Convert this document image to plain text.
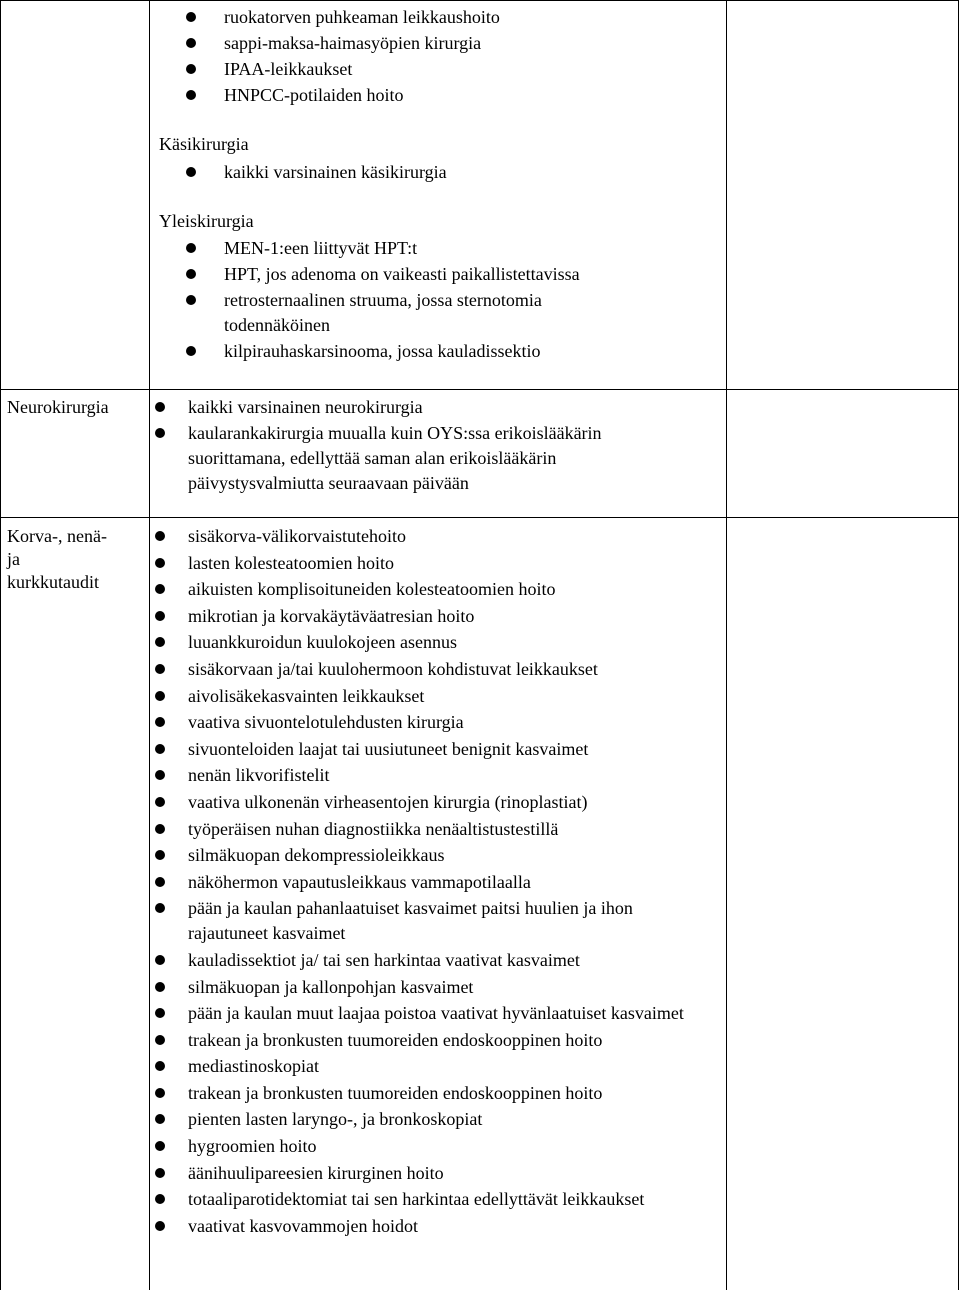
ruokatorven puhkeaman leikkaushoito
sappi-maksa-haimasyöpien kirurgia
IPAA-leikkaukset
HNPCC-potilaiden hoito
Käsikirurgia
kaikki varsinainen käsikirurgia
Yleiskirurgia
MEN-1:een liittyvät HPT:t
HPT, jos adenoma on vaikeasti paikallistettavissa
retrosternaalinen struuma, jossa sternotomia todennäköinen
kilpirauhaskarsinooma, jossa kauladissektio
Neurokirurgia	kaikki varsinainen neurokirurgia
kaularankakirurgia muualla kuin OYS:ssa erikoislääkärin suorittamana, edellyttää saman alan erikoislääkärin päivystysvalmiutta seuraavaan päivään
Korva-, nenä-
ja
kurkkutaudit
sisäkorva-välikorvaistutehoito
lasten kolesteatoomien hoito
aikuisten komplisoituneiden kolesteatoomien hoito
mikrotian ja korvakäytäväatresian hoito
luuankkuroidun kuulokojeen asennus
sisäkorvaan ja/tai kuulohermoon kohdistuvat leikkaukset
aivolisäkekasvainten leikkaukset
vaativa sivuontelotulehdusten kirurgia
sivuonteloiden laajat tai uusiutuneet benignit kasvaimet
nenän likvorifistelit
vaativa ulkonenän virheasentojen kirurgia (rinoplastiat)
työperäisen nuhan diagnostiikka nenäaltistustestillä
silmäkuopan dekompressioleikkaus
näköhermon vapautusleikkaus vammapotilaalla
pään ja kaulan pahanlaatuiset kasvaimet paitsi huulien ja ihon rajautuneet kasvaimet
kauladissektiot ja/ tai sen harkintaa vaativat kasvaimet
silmäkuopan ja kallonpohjan kasvaimet
pään ja kaulan muut laajaa poistoa vaativat hyvänlaatuiset kasvaimet
trakean ja bronkusten tuumoreiden endoskooppinen hoito
mediastinoskopiat
trakean ja bronkusten tuumoreiden endoskooppinen hoito
pienten lasten laryngo-, ja bronkoskopiat
hygroomien hoito
äänihuulipareesien kirurginen hoito
totaaliparotidektomiat tai sen harkintaa edellyttävät leikkaukset
vaativat kasvovammojen hoidot
